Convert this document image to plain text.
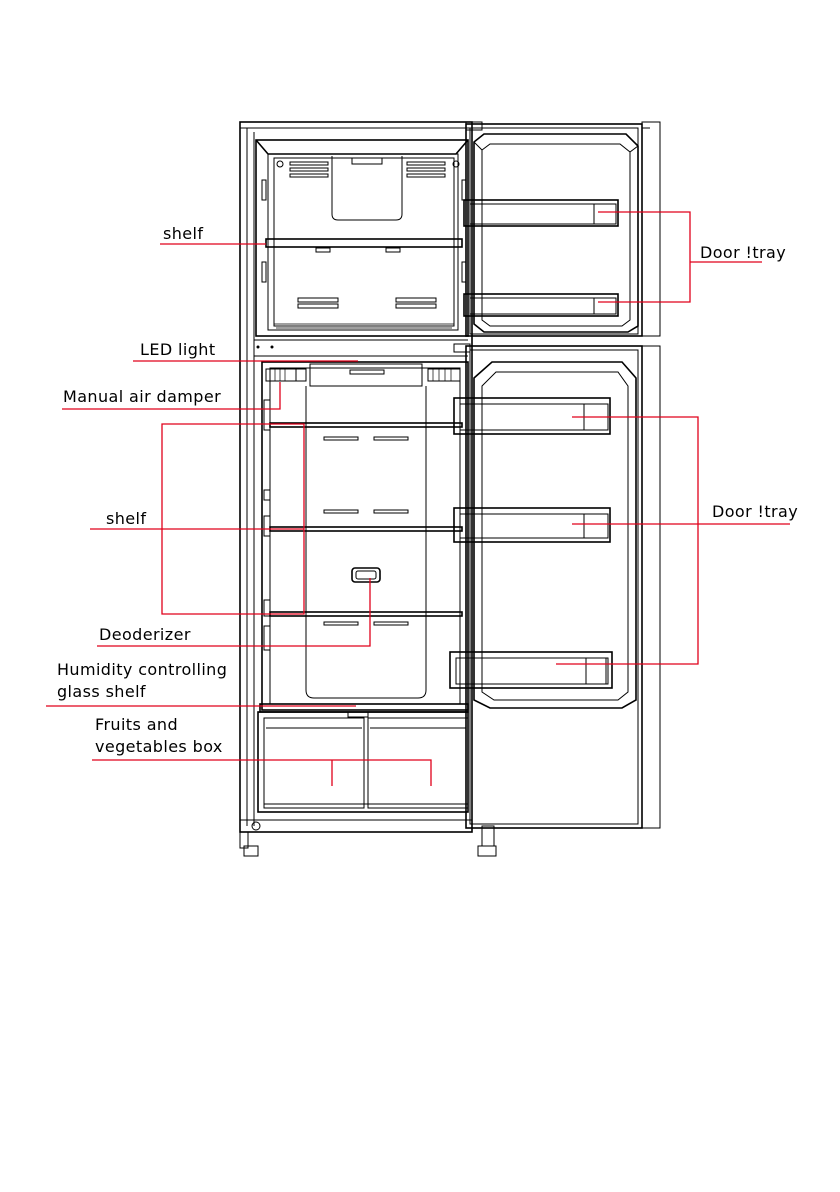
shelf
Door !tray
LED light
Manual air damper
shelf	Door !tray
Deoderizer
Humidity controlling
glass shelf
Fruits and
vegetables box
